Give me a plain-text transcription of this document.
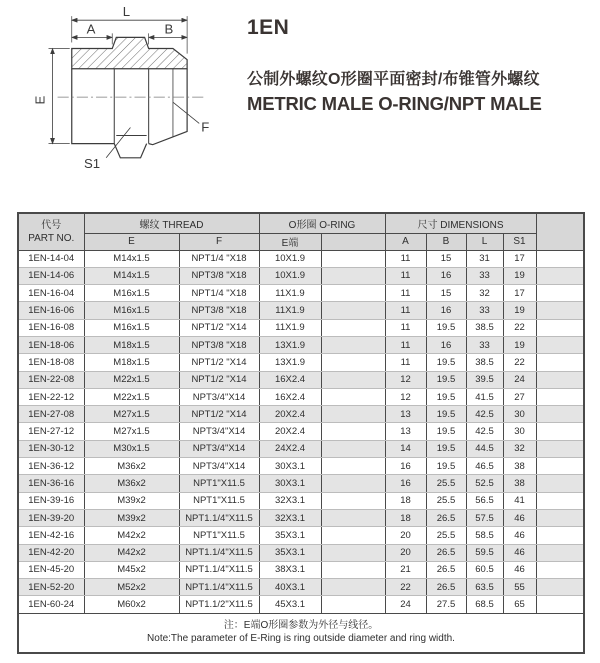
L
A	B
E
S1
F
1EN
公制外螺纹O形圈平面密封/布锥管外螺纹
METRIC MALE O-RING/NPT MALE
代号
PART NO.	螺纹 THREAD		O形圈 O-RING		尺寸 DIMENSIONS				
	E	F	E端		A	B	L	S1	
1EN-14-04	M14x1.5	NPT1/4 "X18	10X1.9		11	15	31	17	
1EN-14-06	M14x1.5	NPT3/8 "X18	10X1.9		11	16	33	19	
1EN-16-04	M16x1.5	NPT1/4 "X18	11X1.9		11	15	32	17	
1EN-16-06	M16x1.5	NPT3/8 "X18	11X1.9		11	16	33	19	
1EN-16-08	M16x1.5	NPT1/2 "X14	11X1.9		11	19.5	38.5	22	
1EN-18-06	M18x1.5	NPT3/8 "X18	13X1.9		11	16	33	19	
1EN-18-08	M18x1.5	NPT1/2 "X14	13X1.9		11	19.5	38.5	22	
1EN-22-08	M22x1.5	NPT1/2 "X14	16X2.4		12	19.5	39.5	24	
1EN-22-12	M22x1.5	NPT3/4"X14	16X2.4		12	19.5	41.5	27	
1EN-27-08	M27x1.5	NPT1/2 "X14	20X2.4		13	19.5	42.5	30	
1EN-27-12	M27x1.5	NPT3/4"X14	20X2.4		13	19.5	42.5	30	
1EN-30-12	M30x1.5	NPT3/4"X14	24X2.4		14	19.5	44.5	32	
1EN-36-12	M36x2	NPT3/4"X14	30X3.1		16	19.5	46.5	38	
1EN-36-16	M36x2	NPT1"X11.5	30X3.1		16	25.5	52.5	38	
1EN-39-16	M39x2	NPT1"X11.5	32X3.1		18	25.5	56.5	41	
1EN-39-20	M39x2	NPT1.1/4"X11.5	32X3.1		18	26.5	57.5	46	
1EN-42-16	M42x2	NPT1"X11.5	35X3.1		20	25.5	58.5	46	
1EN-42-20	M42x2	NPT1.1/4"X11.5	35X3.1		20	26.5	59.5	46	
1EN-45-20	M45x2	NPT1.1/4"X11.5	38X3.1		21	26.5	60.5	46	
1EN-52-20	M52x2	NPT1.1/4"X11.5	40X3.1		22	26.5	63.5	55	
1EN-60-24	M60x2	NPT1.1/2"X11.5	45X3.1		24	27.5	68.5	65	

注：E端O形圈参数为外径与线径。
Note:The parameter of E-Ring is ring outside diameter and ring width.									
